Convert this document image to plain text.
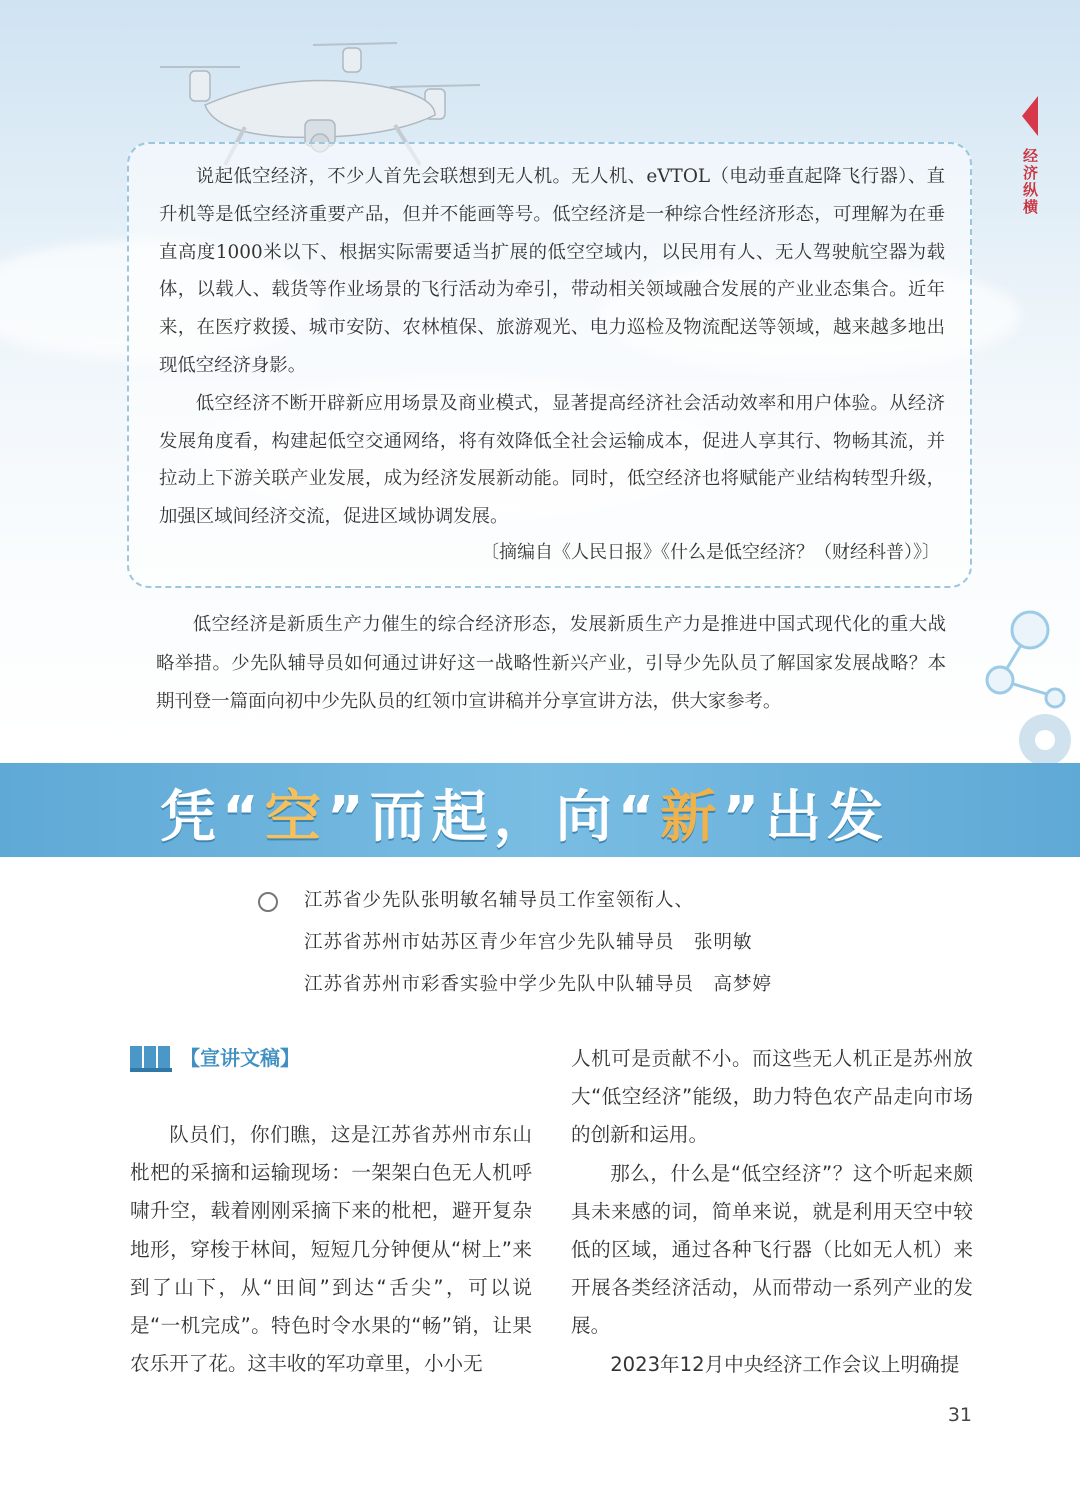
经济纵横

说起低空经济，不少人首先会联想到无人机。无人机、eVTOL（电动垂直起降飞行器）、直升机等是低空经济重要产品，但并不能画等号。低空经济是一种综合性经济形态，可理解为在垂直高度1000米以下、根据实际需要适当扩展的低空空域内，以民用有人、无人驾驶航空器为载体，以载人、载货等作业场景的飞行活动为牵引，带动相关领域融合发展的产业业态集合。近年来，在医疗救援、城市安防、农林植保、旅游观光、电力巡检及物流配送等领域，越来越多地出现低空经济身影。

低空经济不断开辟新应用场景及商业模式，显著提高经济社会活动效率和用户体验。从经济发展角度看，构建起低空交通网络，将有效降低全社会运输成本，促进人享其行、物畅其流，并拉动上下游关联产业发展，成为经济发展新动能。同时，低空经济也将赋能产业结构转型升级，加强区域间经济交流，促进区域协调发展。

〔摘编自《人民日报》《什么是低空经济？（财经科普）》〕

低空经济是新质生产力催生的综合经济形态，发展新质生产力是推进中国式现代化的重大战略举措。少先队辅导员如何通过讲好这一战略性新兴产业，引导少先队员了解国家发展战略？本期刊登一篇面向初中少先队员的红领巾宣讲稿并分享宣讲方法，供大家参考。

凭“空”而起，向“新”出发
江苏省少先队张明敏名辅导员工作室领衔人、
江苏省苏州市姑苏区青少年宫少先队辅导员　张明敏
江苏省苏州市彩香实验中学少先队中队辅导员　高梦婷
【宣讲文稿】

队员们，你们瞧，这是江苏省苏州市东山枇杷的采摘和运输现场：一架架白色无人机呼啸升空，载着刚刚采摘下来的枇杷，避开复杂地形，穿梭于林间，短短几分钟便从“树上”来到了山下，从“田间”到达“舌尖”，可以说是“一机完成”。特色时令水果的“畅”销，让果农乐开了花。这丰收的军功章里，小小无

人机可是贡献不小。而这些无人机正是苏州放大“低空经济”能级，助力特色农产品走向市场的创新和运用。

那么，什么是“低空经济”？这个听起来颇具未来感的词，简单来说，就是利用天空中较低的区域，通过各种飞行器（比如无人机）来开展各类经济活动，从而带动一系列产业的发展。

2023年12月中央经济工作会议上明确提

31
